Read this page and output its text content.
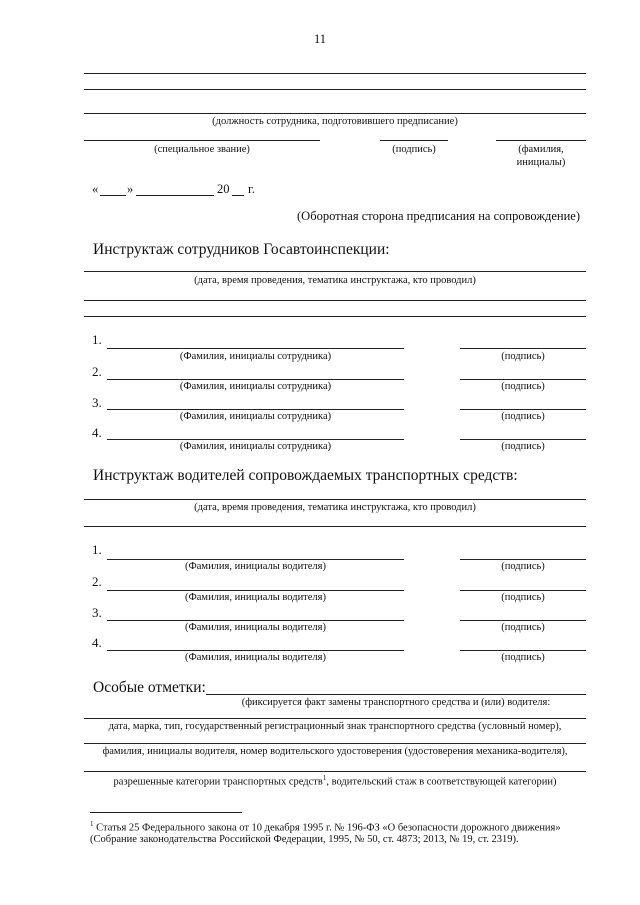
11
(должность сотрудника, подготовившего предписание)
(специальное звание)	(подпись)	(фамилия,
инициалы)
« »	20 г.
(Оборотная сторона предписания на сопровождение)
Инструктаж сотрудников Госавтоинспекции:
(дата, время проведения, тематика инструктажа, кто проводил)
1.
(Фамилия, инициалы сотрудника)	(подпись)
2.
(Фамилия, инициалы сотрудника)	(подпись)
3.
(Фамилия, инициалы сотрудника)	(подпись)
4.
(Фамилия, инициалы сотрудника)	(подпись)
Инструктаж водителей сопровождаемых транспортных средств:
(дата, время проведения, тематика инструктажа, кто проводил)
1.
(Фамилия, инициалы водителя)	(подпись)
2.
(Фамилия, инициалы водителя)	(подпись)
3.
(Фамилия, инициалы водителя)	(подпись)
4.
(Фамилия, инициалы водителя)	(подпись)
Особые отметки:
(фиксируется факт замены транспортного средства и (или) водителя:
дата, марка, тип, государственный регистрационный знак транспортного средства (условный номер),
фамилия, инициалы водителя, номер водительского удостоверения (удостоверения механика-водителя),
разрешенные категории транспортных средств$^1$, водительский стаж в соответствующей категории)
$^1$ Статья 25 Федерального закона от 10 декабря 1995 г. № 196-ФЗ «О безопасности дорожного движения»
(Собрание законодательства Российской Федерации, 1995, № 50, ст. 4873; 2013, № 19, ст. 2319).
